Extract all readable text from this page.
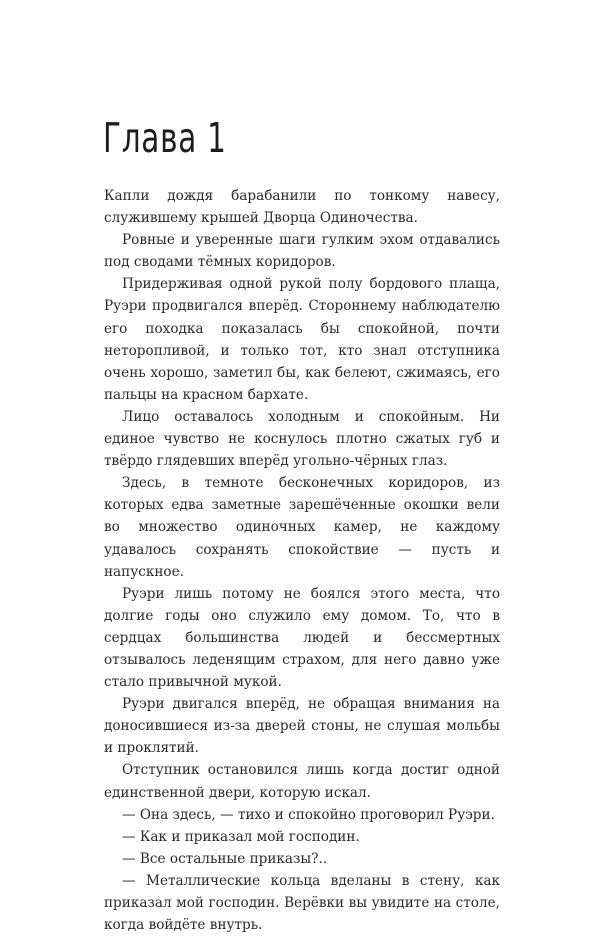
Глава 1

Капли дождя барабанили по тонкому навесу, служившему крышей Дворца Одиночества.

Ровные и уверенные шаги гулким эхом отдавались под сводами тёмных коридоров.

Придерживая одной рукой полу бордового плаща, Руэри продвигался вперёд. Стороннему наблюдателю его походка показалась бы спокойной, почти неторопливой, и только тот, кто знал отступника очень хорошо, заметил бы, как белеют, сжимаясь, его пальцы на красном бархате.

Лицо оставалось холодным и спокойным. Ни единое чувство не коснулось плотно сжатых губ и твёрдо глядевших вперёд угольно-чёрных глаз.

Здесь, в темноте бесконечных коридоров, из которых едва заметные зарешёченные окошки вели во множество одиночных камер, не каждому удавалось сохранять спокойствие — пусть и напускное.

Руэри лишь потому не боялся этого места, что долгие годы оно служило ему домом. То, что в сердцах большинства людей и бессмертных отзывалось леденящим страхом, для него давно уже стало привычной мукой.

Руэри двигался вперёд, не обращая внимания на доносившиеся из-за дверей стоны, не слушая мольбы и проклятий.

Отступник остановился лишь когда достиг одной единственной двери, которую искал.

— Она здесь, — тихо и спокойно проговорил Руэри.

— Как и приказал мой господин.

— Все остальные приказы?..

— Металлические кольца вделаны в стену, как приказал мой господин. Верёвки вы увидите на столе, когда войдёте внутрь.
